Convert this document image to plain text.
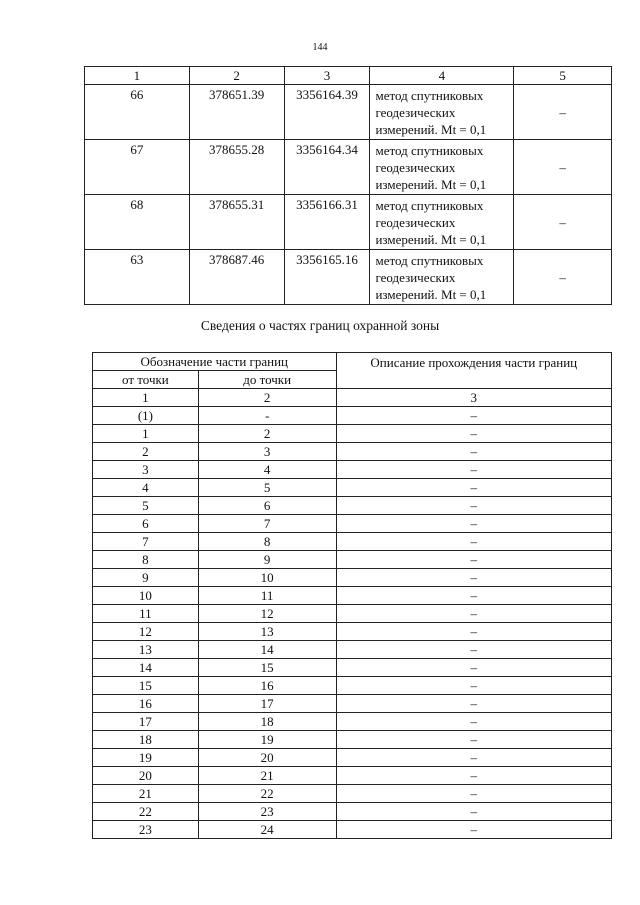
144
1	2	3	4	5
66	378651.39	3356164.39	метод спутниковых
геодезических
измерений. Mt = 0,1	–
67	378655.28	3356164.34	метод спутниковых
геодезических
измерений. Mt = 0,1	–
68	378655.31	3356166.31	метод спутниковых
геодезических
измерений. Mt = 0,1	–
63	378687.46	3356165.16	метод спутниковых
геодезических
измерений. Mt = 0,1	–
Сведения о частях границ охранной зоны
Обозначение части границ		Описание прохождения части границ
от точки	до точки	
1	2	3
(1)	-	–
1	2	–
2	3	–
3	4	–
4	5	–
5	6	–
6	7	–
7	8	–
8	9	–
9	10	–
10	11	–
11	12	–
12	13	–
13	14	–
14	15	–
15	16	–
16	17	–
17	18	–
18	19	–
19	20	–
20	21	–
21	22	–
22	23	–
23	24	–
